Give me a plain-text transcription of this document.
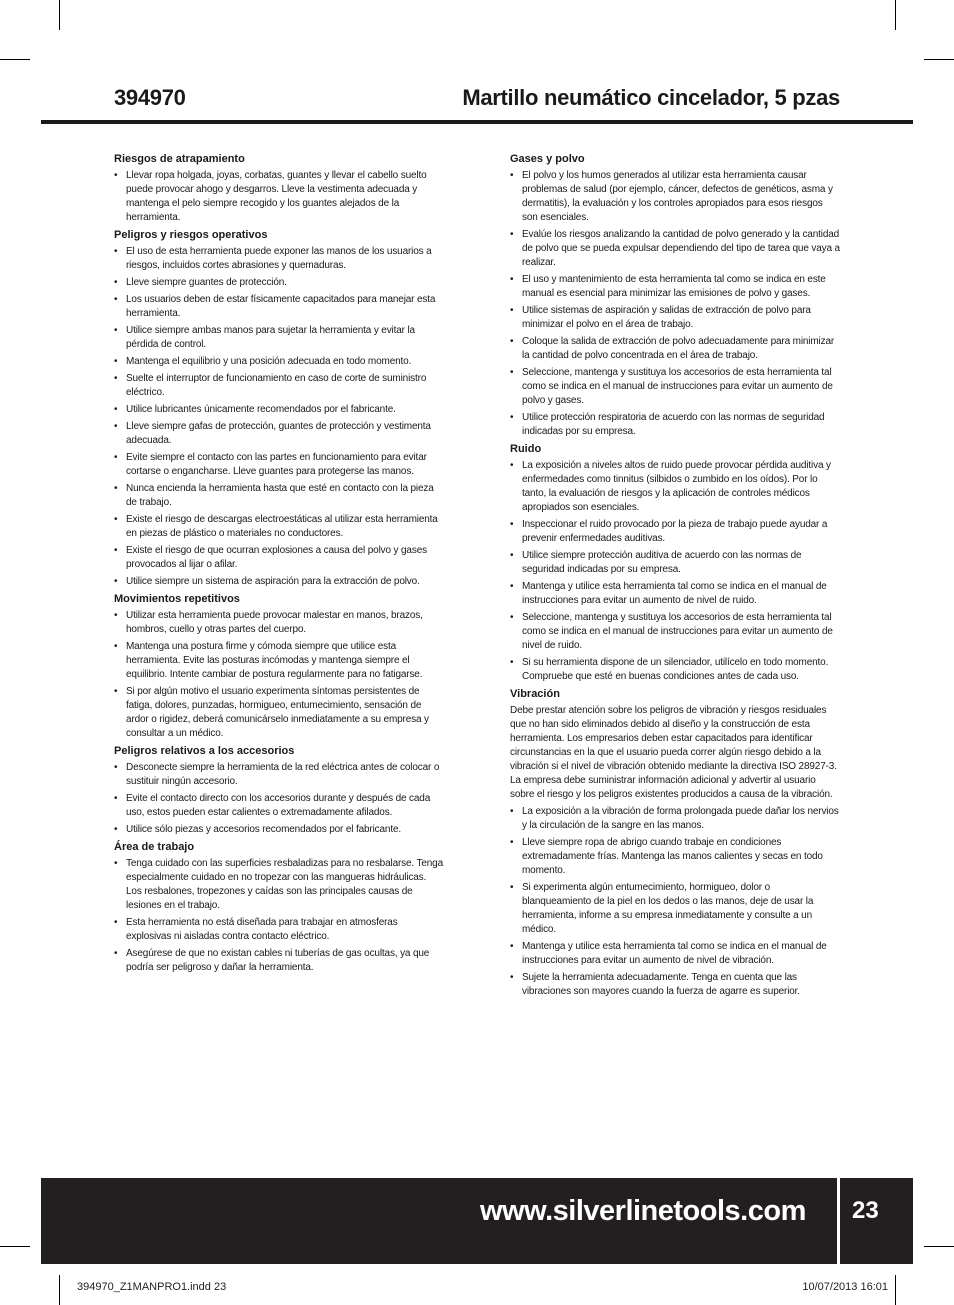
394970	Martillo neumático cincelador, 5 pzas
Riesgos de atrapamiento
• Llevar ropa holgada, joyas, corbatas, guantes y llevar el cabello suelto puede provocar ahogo y desgarros. Lleve la vestimenta adecuada y mantenga el pelo siempre recogido y los guantes alejados de la herramienta.
Peligros y riesgos operativos
• El uso de esta herramienta puede exponer las manos de los usuarios a riesgos, incluidos cortes abrasiones y quemaduras.
• Lleve siempre guantes de protección.
• Los usuarios deben de estar físicamente capacitados para manejar esta herramienta.
• Utilice siempre ambas manos para sujetar la herramienta y evitar la pérdida de control.
• Mantenga el equilibrio y una posición adecuada en todo momento.
• Suelte el interruptor de funcionamiento en caso de corte de suministro eléctrico.
• Utilice lubricantes únicamente recomendados por el fabricante.
• Lleve siempre gafas de protección, guantes de protección y vestimenta adecuada.
• Evite siempre el contacto con las partes en funcionamiento para evitar cortarse o engancharse. Lleve guantes para protegerse las manos.
• Nunca encienda la herramienta hasta que esté en contacto con la pieza de trabajo.
• Existe el riesgo de descargas electroestáticas al utilizar esta herramienta en piezas de plástico o materiales no conductores.
• Existe el riesgo de que ocurran explosiones a causa del polvo y gases provocados al lijar o afilar.
• Utilice siempre un sistema de aspiración para la extracción de polvo.
Movimientos repetitivos
• Utilizar esta herramienta puede provocar malestar en manos, brazos, hombros, cuello y otras partes del cuerpo.
• Mantenga una postura firme y cómoda siempre que utilice esta herramienta. Evite las posturas incómodas y mantenga siempre el equilibrio. Intente cambiar de postura regularmente para no fatigarse.
• Si por algún motivo el usuario experimenta síntomas persistentes de fatiga, dolores, punzadas, hormigueo, entumecimiento, sensación de ardor o rigidez, deberá comunicárselo inmediatamente a su empresa y consultar a un médico.
Peligros relativos a los accesorios
• Desconecte siempre la herramienta de la red eléctrica antes de colocar o sustituir ningún accesorio.
• Evite el contacto directo con los accesorios durante y después de cada uso, estos pueden estar calientes o extremadamente afilados.
• Utilice sólo piezas y accesorios recomendados por el fabricante.
Área de trabajo
• Tenga cuidado con las superficies resbaladizas para no resbalarse. Tenga especialmente cuidado en no tropezar con las mangueras hidráulicas. Los resbalones, tropezones y caídas son las principales causas de lesiones en el trabajo.
• Esta herramienta no está diseñada para trabajar en atmosferas explosivas ni aisladas contra contacto eléctrico.
• Asegúrese de que no existan cables ni tuberías de gas ocultas, ya que podría ser peligroso y dañar la herramienta.
Gases y polvo
• El polvo y los humos generados al utilizar esta herramienta causar problemas de salud (por ejemplo, cáncer, defectos de genéticos, asma y dermatitis), la evaluación y los controles apropiados para esos riesgos son esenciales.
• Evalúe los riesgos analizando la cantidad de polvo generado y la cantidad de polvo que se pueda expulsar dependiendo del tipo de tarea que vaya a realizar.
• El uso y mantenimiento de esta herramienta tal como se indica en este manual es esencial para minimizar las emisiones de polvo y gases.
• Utilice sistemas de aspiración y salidas de extracción de polvo para minimizar el polvo en el área de trabajo.
• Coloque la salida de extracción de polvo adecuadamente para minimizar la cantidad de polvo concentrada en el área de trabajo.
• Seleccione, mantenga y sustituya los accesorios de esta herramienta tal como se indica en el manual de instrucciones para evitar un aumento de polvo y gases.
• Utilice protección respiratoria de acuerdo con las normas de seguridad indicadas por su empresa.
Ruido
• La exposición a niveles altos de ruido puede provocar pérdida auditiva y enfermedades como tinnitus (silbidos o zumbido en los oídos). Por lo tanto, la evaluación de riesgos y la aplicación de controles médicos apropiados son esenciales.
• Inspeccionar el ruido provocado por la pieza de trabajo puede ayudar a prevenir enfermedades auditivas.
• Utilice siempre protección auditiva de acuerdo con las normas de seguridad indicadas por su empresa.
• Mantenga y utilice esta herramienta tal como se indica en el manual de instrucciones para evitar un aumento de nivel de ruido.
• Seleccione, mantenga y sustituya los accesorios de esta herramienta tal como se indica en el manual de instrucciones para evitar un aumento de nivel de ruido.
• Si su herramienta dispone de un silenciador, utilícelo en todo momento. Compruebe que esté en buenas condiciones antes de cada uso.
Vibración
Debe prestar atención sobre los peligros de vibración y riesgos residuales que no han sido eliminados debido al diseño y la construcción de esta herramienta. Los empresarios deben estar capacitados para identificar circunstancias en la que el usuario pueda correr algún riesgo debido a la vibración si el nivel de vibración obtenido mediante la directiva ISO 28927-3. La empresa debe suministrar información adicional y advertir al usuario sobre el riesgo y los peligros existentes producidos a causa de la vibración.
• La exposición a la vibración de forma prolongada puede dañar los nervios y la circulación de la sangre en las manos.
• Lleve siempre ropa de abrigo cuando trabaje en condiciones extremadamente frías. Mantenga las manos calientes y secas en todo momento.
• Si experimenta algún entumecimiento, hormigueo, dolor o blanqueamiento de la piel en los dedos o las manos, deje de usar la herramienta, informe a su empresa inmediatamente y consulte a un médico.
• Mantenga y utilice esta herramienta tal como se indica en el manual de instrucciones para evitar un aumento de nivel de vibración.
• Sujete la herramienta adecuadamente. Tenga en cuenta que las vibraciones son mayores cuando la fuerza de agarre es superior.
www.silverlinetools.com 23
394970_Z1MANPRO1.indd 23	10/07/2013 16:01
